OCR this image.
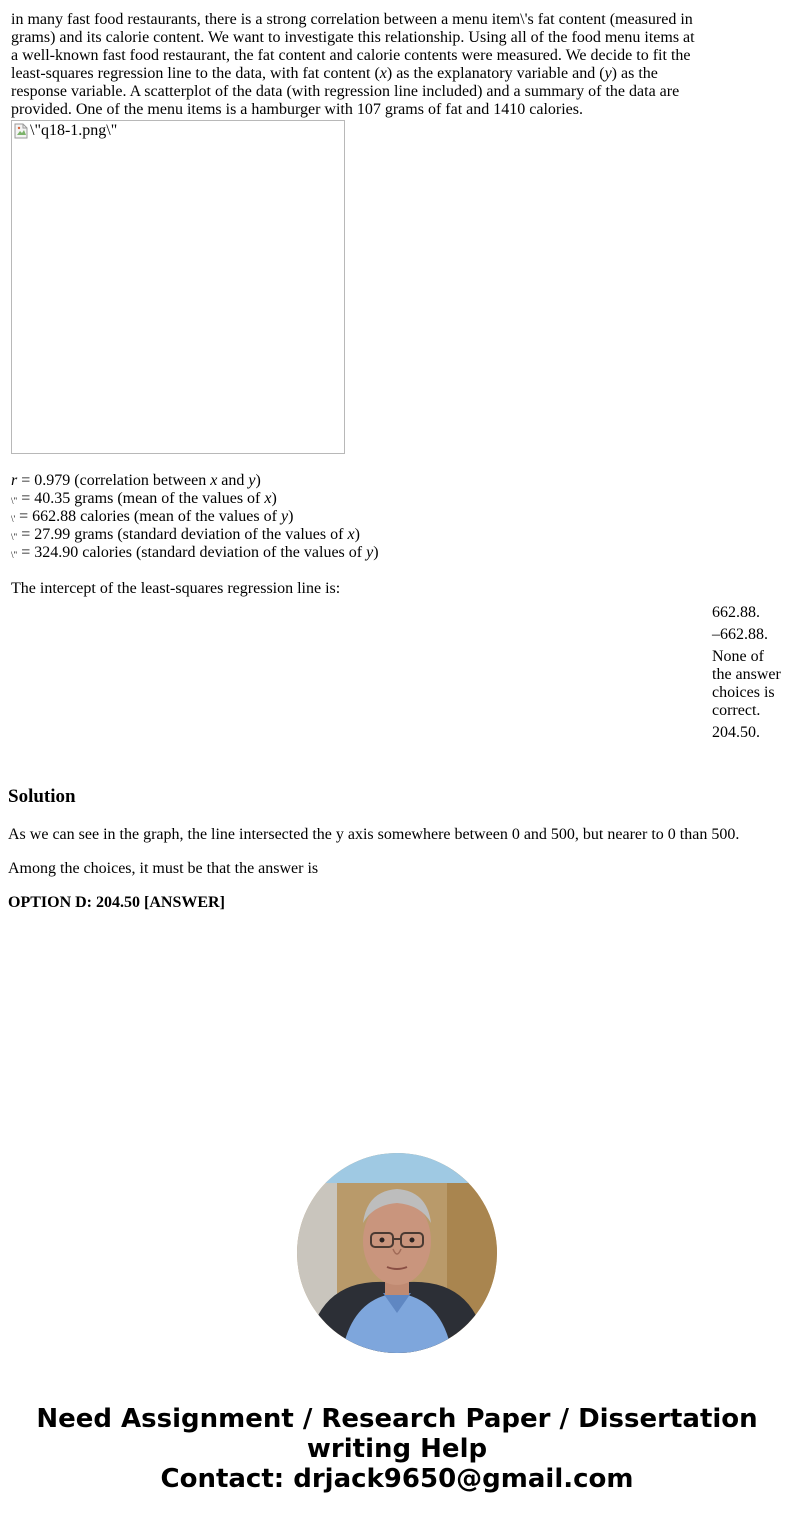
in many fast food restaurants, there is a strong correlation between a menu item\'s fat content (measured in grams) and its calorie content. We want to investigate this relationship. Using all of the food menu items at a well-known fast food restaurant, the fat content and calorie contents were measured. We decide to fit the least-squares regression line to the data, with fat content (x) as the explanatory variable and (y) as the response variable. A scatterplot of the data (with regression line included) and a summary of the data are provided. One of the menu items is a hamburger with 107 grams of fat and 1410 calories.
\"q18-1.png\"
r = 0.979 (correlation between x and y)
\" = 40.35 grams (mean of the values of x)
\' = 662.88 calories (mean of the values of y)
\" = 27.99 grams (standard deviation of the values of x)
\" = 324.90 calories (standard deviation of the values of y)
The intercept of the least-squares regression line is:
662.88.
–662.88.
None of the answer choices is correct.
204.50.
Solution

As we can see in the graph, the line intersected the y axis somewhere between 0 and 500, but nearer to 0 than 500.

Among the choices, it must be that the answer is

OPTION D: 204.50 [ANSWER]

Need Assignment / Research Paper / Dissertation
writing Help
Contact: drjack9650@gmail.com
